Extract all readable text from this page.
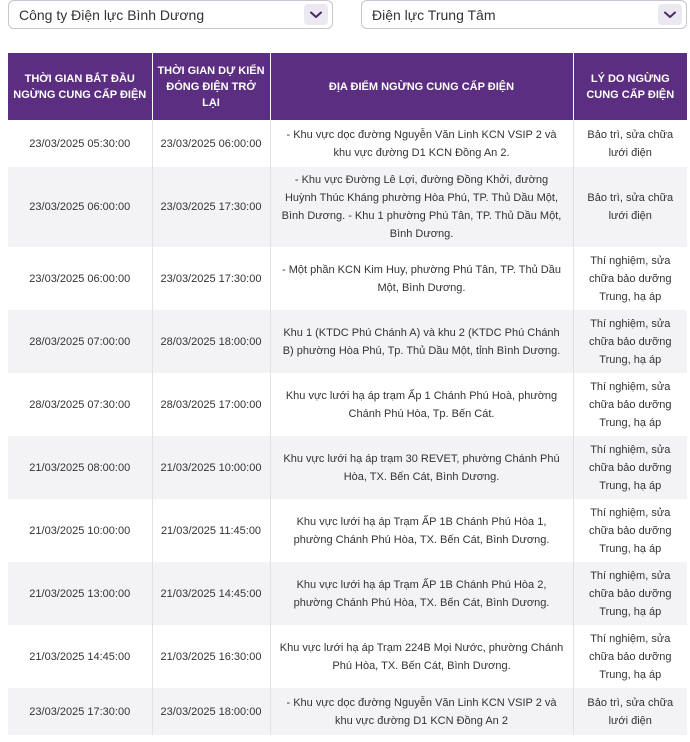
Công ty Điện lực Bình Dương	Điện lực Trung Tâm
THỜI GIAN BẮT ĐẦU NGỪNG CUNG CẤP ĐIỆN	THỜI GIAN DỰ KIẾN ĐÓNG ĐIỆN TRỞ LẠI	ĐỊA ĐIỂM NGỪNG CUNG CẤP ĐIỆN	LÝ DO NGỪNG CUNG CẤP ĐIỆN
23/03/2025 05:30:00	23/03/2025 06:00:00	- Khu vực dọc đường Nguyễn Văn Linh KCN VSIP 2 và khu vực đường D1 KCN Đồng An 2.	Bảo trì, sửa chữa lưới điện
23/03/2025 06:00:00	23/03/2025 17:30:00	- Khu vực Đường Lê Lợi, đường Đồng Khởi, đường Huỳnh Thúc Kháng phường Hòa Phú, TP. Thủ Dầu Một, Bình Dương. - Khu 1 phường Phú Tân, TP. Thủ Dầu Một, Bình Dương.	Bảo trì, sửa chữa lưới điện
23/03/2025 06:00:00	23/03/2025 17:30:00	- Một phần KCN Kim Huy, phường Phú Tân, TP. Thủ Dầu Một, Bình Dương.	Thí nghiệm, sửa chữa bảo dưỡng Trung, hạ áp
28/03/2025 07:00:00	28/03/2025 18:00:00	Khu 1 (KTDC Phú Chánh A) và khu 2 (KTDC Phú Chánh B) phường Hòa Phú, Tp. Thủ Dầu Một, tỉnh Bình Dương.	Thí nghiệm, sửa chữa bảo dưỡng Trung, hạ áp
28/03/2025 07:30:00	28/03/2025 17:00:00	Khu vực lưới hạ áp trạm Ấp 1 Chánh Phú Hoà, phường Chánh Phú Hòa, Tp. Bến Cát.	Thí nghiệm, sửa chữa bảo dưỡng Trung, hạ áp
21/03/2025 08:00:00	21/03/2025 10:00:00	Khu vực lưới hạ áp trạm 30 REVET, phường Chánh Phú Hòa, TX. Bến Cát, Bình Dương.	Thí nghiệm, sửa chữa bảo dưỡng Trung, hạ áp
21/03/2025 10:00:00	21/03/2025 11:45:00	Khu vực lưới hạ áp Trạm ẤP 1B Chánh Phú Hòa 1, phường Chánh Phú Hòa, TX. Bến Cát, Bình Dương.	Thí nghiệm, sửa chữa bảo dưỡng Trung, hạ áp
21/03/2025 13:00:00	21/03/2025 14:45:00	Khu vực lưới hạ áp Trạm ẤP 1B Chánh Phú Hòa 2, phường Chánh Phú Hòa, TX. Bến Cát, Bình Dương.	Thí nghiệm, sửa chữa bảo dưỡng Trung, hạ áp
21/03/2025 14:45:00	21/03/2025 16:30:00	Khu vực lưới hạ áp Trạm 224B Mọi Nước, phường Chánh Phú Hòa, TX. Bến Cát, Bình Dương.	Thí nghiệm, sửa chữa bảo dưỡng Trung, hạ áp
23/03/2025 17:30:00	23/03/2025 18:00:00	- Khu vực dọc đường Nguyễn Văn Linh KCN VSIP 2 và khu vực đường D1 KCN Đồng An 2	Bảo trì, sửa chữa lưới điện
